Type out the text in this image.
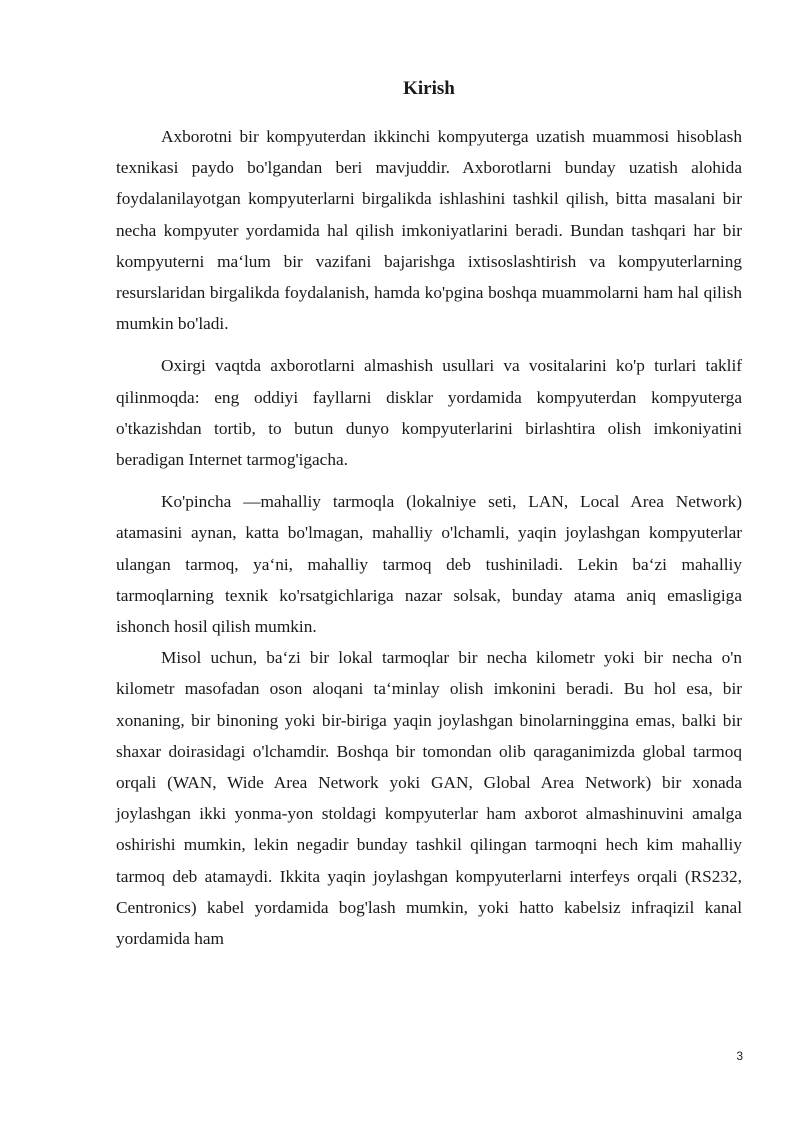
Kirish

Axborotni bir kompyuterdan ikkinchi kompyuterga uzatish muammosi hisoblash texnikasi paydo bo'lgandan beri mavjuddir. Axborotlarni bunday uzatish alohida foydalanilayotgan kompyuterlarni birgalikda ishlashini tashkil qilish, bitta masalani bir necha kompyuter yordamida hal qilish imkoniyatlarini beradi. Bundan tashqari har bir kompyuterni ma‘lum bir vazifani bajarishga ixtisoslashtirish va kompyuterlarning resurslaridan birgalikda foydalanish, hamda ko'pgina boshqa muammolarni ham hal qilish mumkin bo'ladi.

Oxirgi vaqtda axborotlarni almashish usullari va vositalarini ko'p turlari taklif qilinmoqda: eng oddiyi fayllarni disklar yordamida kompyuterdan kompyuterga o'tkazishdan tortib, to butun dunyo kompyuterlarini birlashtira olish imkoniyatini beradigan Internet tarmog'igacha.

Ko'pincha —mahalliy tarmoqla (lokalniye seti, LAN, Local Area Network) atamasini aynan, katta bo'lmagan, mahalliy o'lchamli, yaqin joylashgan kompyuterlar ulangan tarmoq, ya‘ni, mahalliy tarmoq deb tushiniladi. Lekin ba‘zi mahalliy tarmoqlarning texnik ko'rsatgichlariga nazar solsak, bunday atama aniq emasligiga ishonch hosil qilish mumkin.

Misol uchun, ba‘zi bir lokal tarmoqlar bir necha kilometr yoki bir necha o'n kilometr masofadan oson aloqani ta‘minlay olish imkonini beradi. Bu hol esa, bir xonaning, bir binoning yoki bir-biriga yaqin joylashgan binolarninggina emas, balki bir shaxar doirasidagi o'lchamdir. Boshqa bir tomondan olib qaraganimizda global tarmoq orqali (WAN, Wide Area Network yoki GAN, Global Area Network) bir xonada joylashgan ikki yonma-yon stoldagi kompyuterlar ham axborot almashinuvini amalga oshirishi mumkin, lekin negadir bunday tashkil qilingan tarmoqni hech kim mahalliy tarmoq deb atamaydi. Ikkita yaqin joylashgan kompyuterlarni interfeys orqali (RS232, Centronics) kabel yordamida bog'lash mumkin, yoki hatto kabelsiz infraqizil kanal yordamida ham

3
